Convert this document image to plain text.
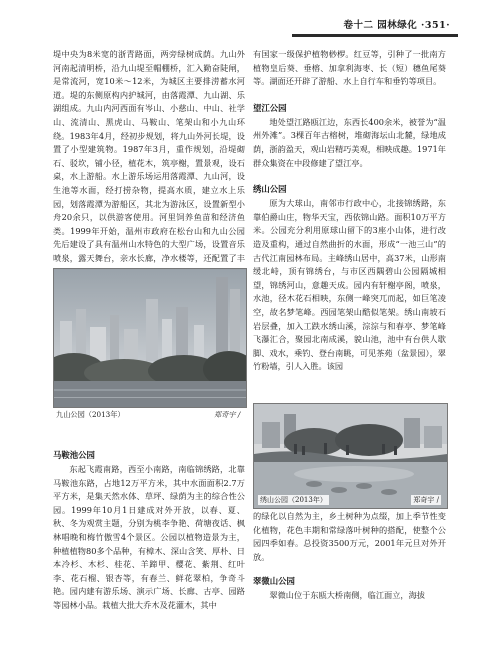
卷十二 园林绿化 ·351·

堤中央为8米宽的浙青路面，两旁绿树成荫。九山外河南起清明桥，沿九山堤至帽棚桥，汇入勤奋陡闸，是常流河，宽10米～12米，为城区主要排涝蓄水河道。堤的东侧原构内护城河，由落霞潭、九山湖、乐湖组成。九山内河西面有岑山、小慈山、中山、社学山、流清山、黑虎山、马鞍山、笔架山和小九山环绕。1983年4月，经初步规划，将九山外河长堤，设置了小型建筑物。1987年3月，重作规划，沿堤砌石、驳坎，铺小径，植花木，筑亭榭，置景观，设石桌，水上游船。水上游乐场运用落霞潭、九山河，设生池等水面，经打捞杂物，提高水质，建立水上乐园，划落霞潭为游船区，其北为游泳区，设置新型小舟20余只，以供游客使用。河里饲养鱼苗和经济鱼类。1999年开始，温州市政府在松台山和九山公园先后建设了具有温州山水特色的大型广场，设置音乐喷泉，露天舞台，亲水长廊，净水楼等，还配置了丰

九山公园（2013年）	郑奇宇 /
马鞍池公园

东起飞霞南路，西至小南路，南临锦绣路，北靠马鞍池东路，占地12万平方米，其中水面面积2.7万平方米，是集天然水体、草坪、绿荫为主的综合性公园。1999年10月1日建成对外开放，以春、夏、秋、冬为观赏主题，分别为桃李争艳、荷塘夜话、枫林唱晚和梅竹傲雪4个景区。公园以植物造景为主，种植植物80多个品种，有樟木、深山含笑、厚朴、日本冷杉、木杉、桂花、羊蹄甲、樱花、紫荆、红叶李、花石榴、银杏等，有春兰、鲜花翠柏，争奇斗艳。园内建有游乐场、演示广场、长廊、古亭、园路等园林小品。栽植大批大乔木及花灌木，其中

有国家一级保护植物桫椤。红豆等，引种了一批南方植物皇后葵、垂榕、加拿利海枣、长（短）穗鱼尾葵等。湖面还开辟了游船、水上自行车和垂钓等项目。

望江公园

地处望江路瓯江边，东西长400余米，被誉为“温州外滩”。3棵百年古榕树，堆砌海坛山北麓，绿地成荫，浙韵盈天，观山岩精巧美观，相映成趣。1971年群众集资在中段修建了望江亭。

绣山公园

原为大球山，南邻市行政中心，北接锦绣路，东靠伯爵山庄，物华天宝，西依锦山路。面积10万平方米。公园充分利用原球山留下的3座小山体，进行改造及重构，通过自然曲折的水面，形成“一池三山”的古代江南园林布局。主峰绣山居中，高37米，山形南缓北峙，顶有锦绣台，与市区西隅碧山公园隔城相望，锦绣河山，意趣天成。园内有轩榭亭阁，喷泉，水池，径木花石相映，东侧一峰突兀而起，如巨笔凌空，故名梦笔峰。西园笔架山酷似笔架。绣山南坡石岩层叠，加入工跌水绣山溪，淙淙与和春亭、梦笔峰飞瀑汇合，聚园北南成溪，貌山池，池中有台供人歇脚、戏水，乘钓、登台南眺，可见茶苑（盆景园），翠竹粉墙，引人入胜。该园

绣山公园（2013年）	郑奇宇 /

的绿化以自然为主，乡土树种为点缀，加上季节性变化植物，花色丰期和常绿落叶树种的搭配，使整个公园四季如春。总投资3500万元，2001年元旦对外开放。

翠微山公园

翠微山位于东瓯大桥南侧，临江面立，海拔
